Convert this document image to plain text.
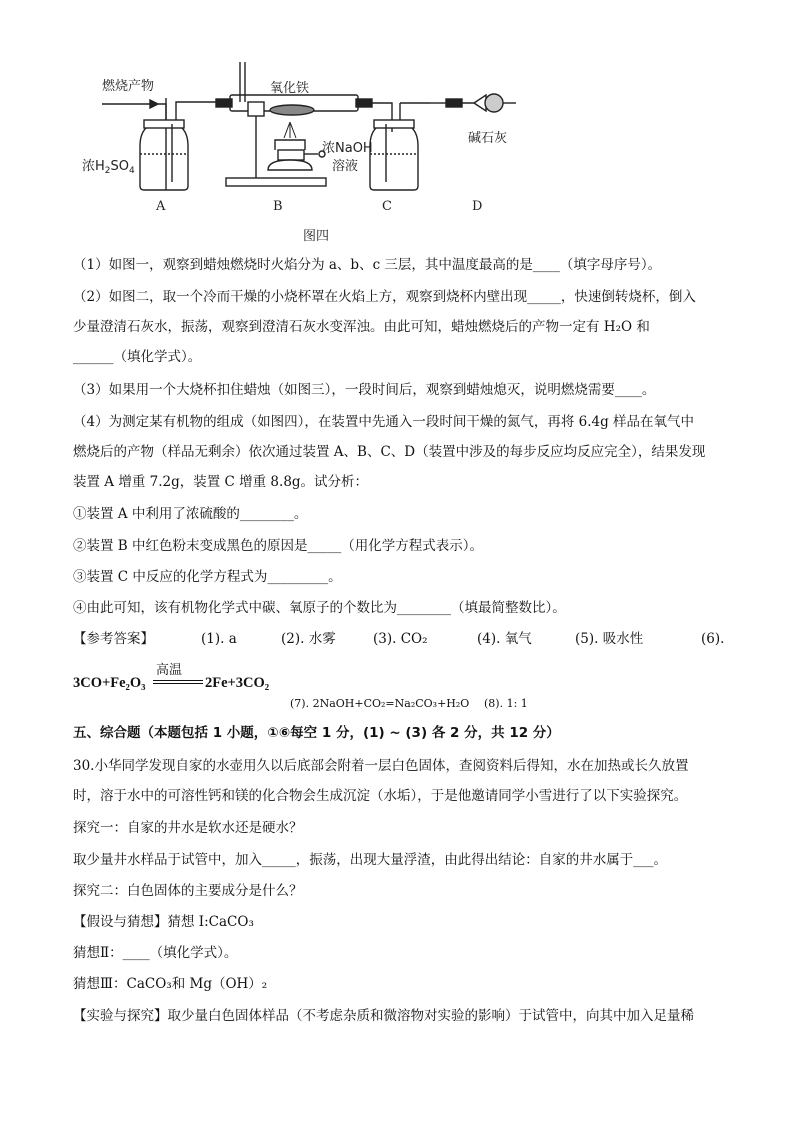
燃烧产物	氧化铁
浓$H_2SO_4$
浓NaOH
溶液
碱石灰
A	B	C	D
图四
（1）如图一，观察到蜡烛燃烧时火焰分为 a、b、c 三层，其中温度最高的是____（填字母序号）。
（2）如图二，取一个冷而干燥的小烧杯罩在火焰上方，观察到烧杯内壁出现_____，快速倒转烧杯，倒入
少量澄清石灰水，振荡，观察到澄清石灰水变浑浊。由此可知，蜡烛燃烧后的产物一定有 H₂O 和
______（填化学式）。
（3）如果用一个大烧杯扣住蜡烛（如图三），一段时间后，观察到蜡烛熄灭，说明燃烧需要____。
（4）为测定某有机物的组成（如图四），在装置中先通入一段时间干燥的氮气，再将 6.4g 样品在氧气中
燃烧后的产物（样品无剩余）依次通过装置 A、B、C、D（装置中涉及的每步反应均反应完全），结果发现
装置 A 增重 7.2g，装置 C 增重 8.8g。试分析：
①装置 A 中利用了浓硫酸的________。
②装置 B 中红色粉末变成黑色的原因是_____（用化学方程式表示）。
③装置 C 中反应的化学方程式为_________。
④由此可知，该有机物化学式中碳、氧原子的个数比为________（填最简整数比）。
【参考答案】	(1). a	(2). 水雾	(3). CO₂	(4). 氧气	(5). 吸水性	(6).
3CO+Fe₂O₃
高温
2Fe+3CO₂
(7). 2NaOH+CO₂=Na₂CO₃+H₂O (8). 1: 1
五、综合题（本题包括 1 小题，①⑥每空 1 分，(1) ~ (3) 各 2 分，共 12 分）
30.小华同学发现自家的水壶用久以后底部会附着一层白色固体，查阅资料后得知，水在加热或长久放置
时，溶于水中的可溶性钙和镁的化合物会生成沉淀（水垢），于是他邀请同学小雪进行了以下实验探究。
探究一：自家的井水是软水还是硬水？
取少量井水样品于试管中，加入_____，振荡，出现大量浮渣，由此得出结论：自家的井水属于___。
探究二：白色固体的主要成分是什么？
【假设与猜想】猜想 I:CaCO₃
猜想Ⅱ：____（填化学式）。
猜想Ⅲ：CaCO₃和 Mg（OH）₂
【实验与探究】取少量白色固体样品（不考虑杂质和微溶物对实验的影响）于试管中，向其中加入足量稀
